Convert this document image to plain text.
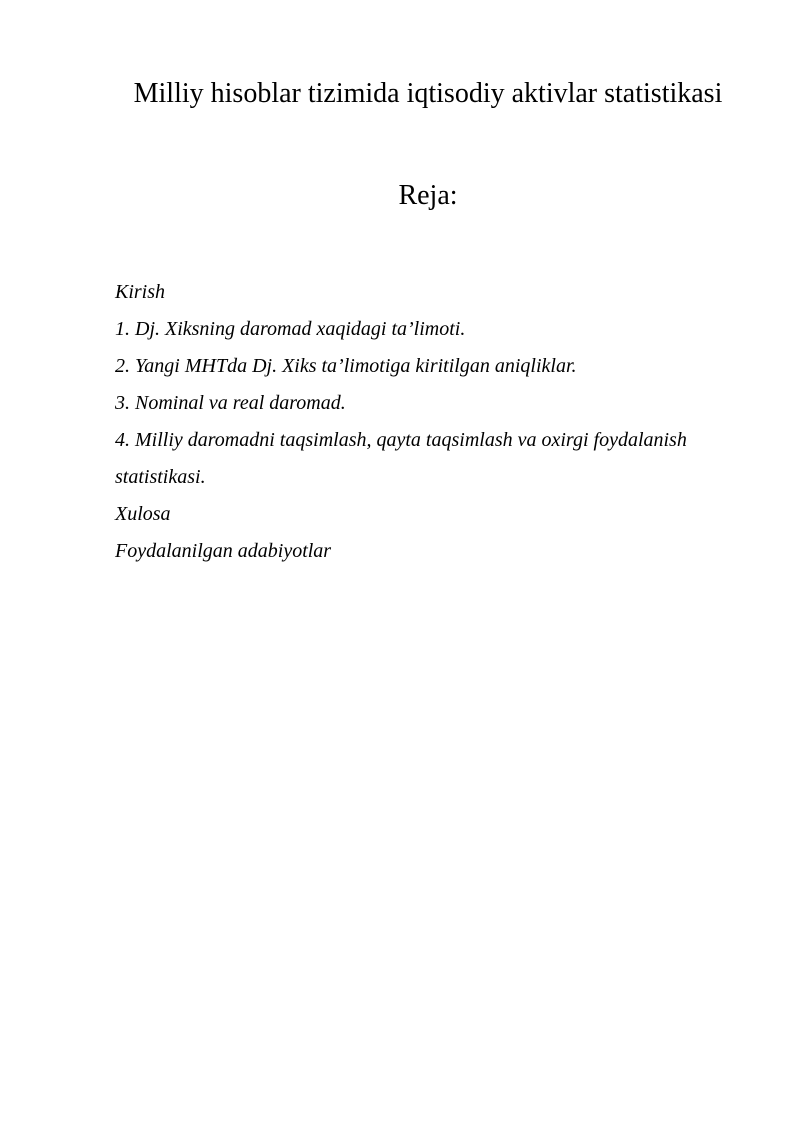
Milliy hisoblar tizimida iqtisodiy aktivlar statistikasi
Reja:
Kirish
1. Dj. Xiksning daromad xaqidagi ta’limoti.
2. Yangi MHTda Dj. Xiks ta’limotiga kiritilgan aniqliklar.
3. Nominal va real daromad.
4. Milliy daromadni taqsimlash, qayta taqsimlash va oxirgi foydalanish
statistikasi.
Xulosa
Foydalanilgan adabiyotlar
